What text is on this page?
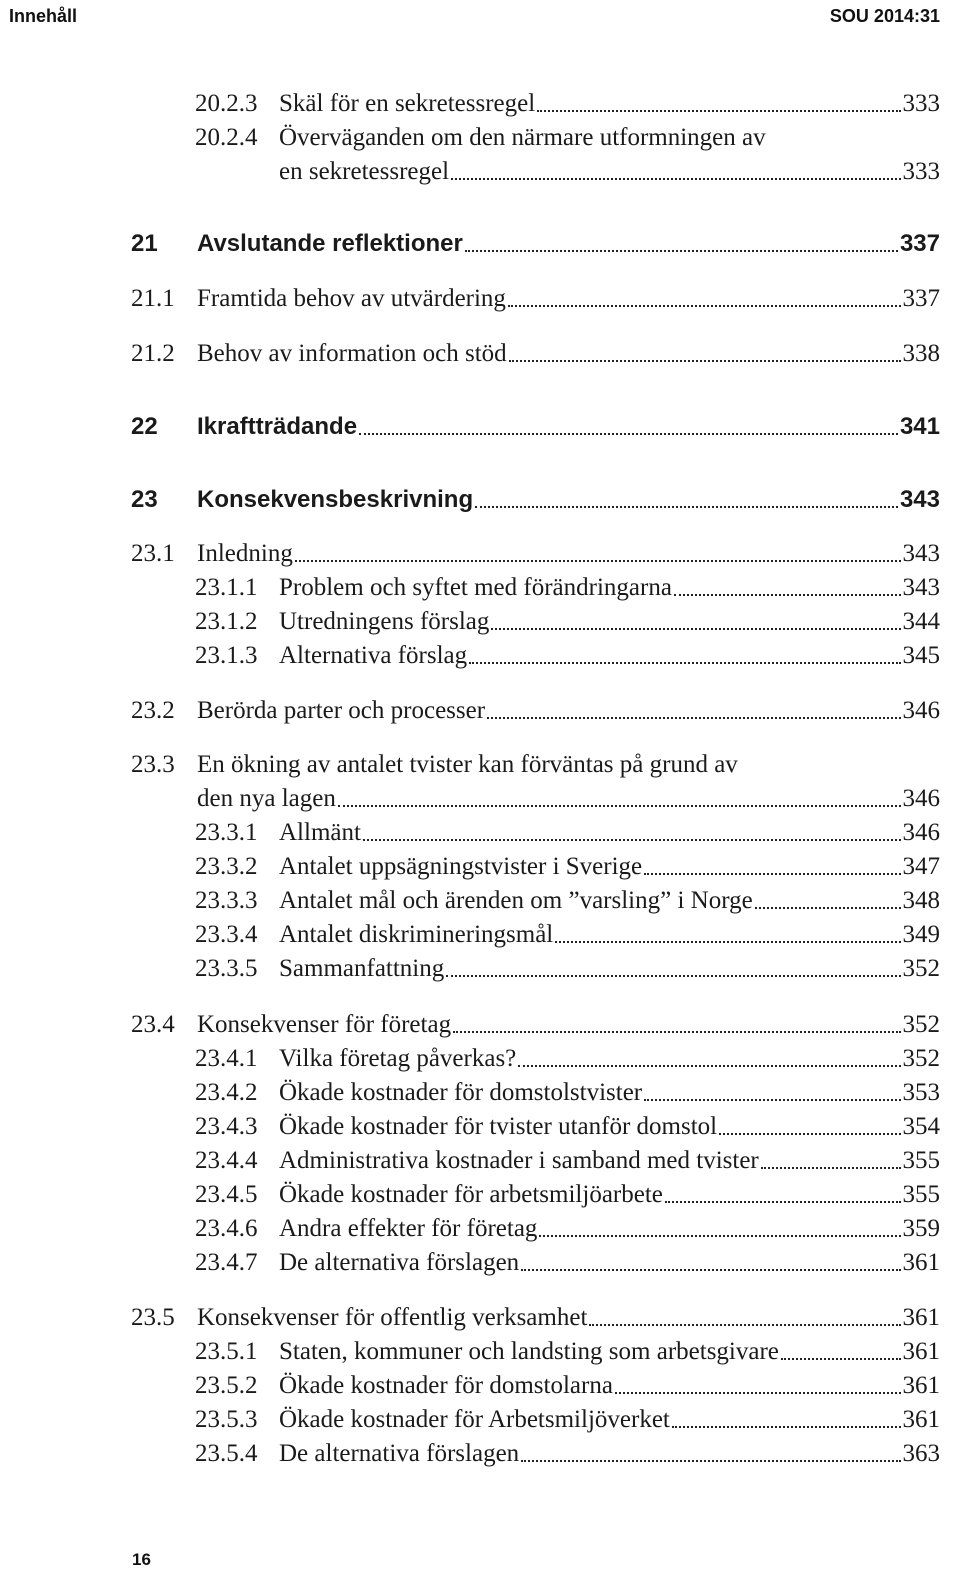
Innehåll	SOU 2014:31
20.2.3 Skäl för en sekretessregel	333
20.2.4 Överväganden om den närmare utformningen av
en sekretessregel	333
21	Avslutande reflektioner	337
21.1 Framtida behov av utvärdering	337
21.2 Behov av information och stöd	338
22	Ikraftträdande	341
23	Konsekvensbeskrivning	343
23.1 Inledning	343
23.1.1 Problem och syftet med förändringarna	343
23.1.2 Utredningens förslag	344
23.1.3 Alternativa förslag	345
23.2 Berörda parter och processer	346
23.3 En ökning av antalet tvister kan förväntas på grund av
den nya lagen	346
23.3.1 Allmänt	346
23.3.2 Antalet uppsägningstvister i Sverige	347
23.3.3 Antalet mål och ärenden om ”varsling” i Norge	348
23.3.4 Antalet diskrimineringsmål	349
23.3.5 Sammanfattning	352
23.4 Konsekvenser för företag	352
23.4.1 Vilka företag påverkas?	352
23.4.2 Ökade kostnader för domstolstvister	353
23.4.3 Ökade kostnader för tvister utanför domstol	354
23.4.4 Administrativa kostnader i samband med tvister	355
23.4.5 Ökade kostnader för arbetsmiljöarbete	355
23.4.6 Andra effekter för företag	359
23.4.7 De alternativa förslagen	361
23.5 Konsekvenser för offentlig verksamhet	361
23.5.1 Staten, kommuner och landsting som arbetsgivare	361
23.5.2 Ökade kostnader för domstolarna	361
23.5.3 Ökade kostnader för Arbetsmiljöverket	361
23.5.4 De alternativa förslagen	363
16
